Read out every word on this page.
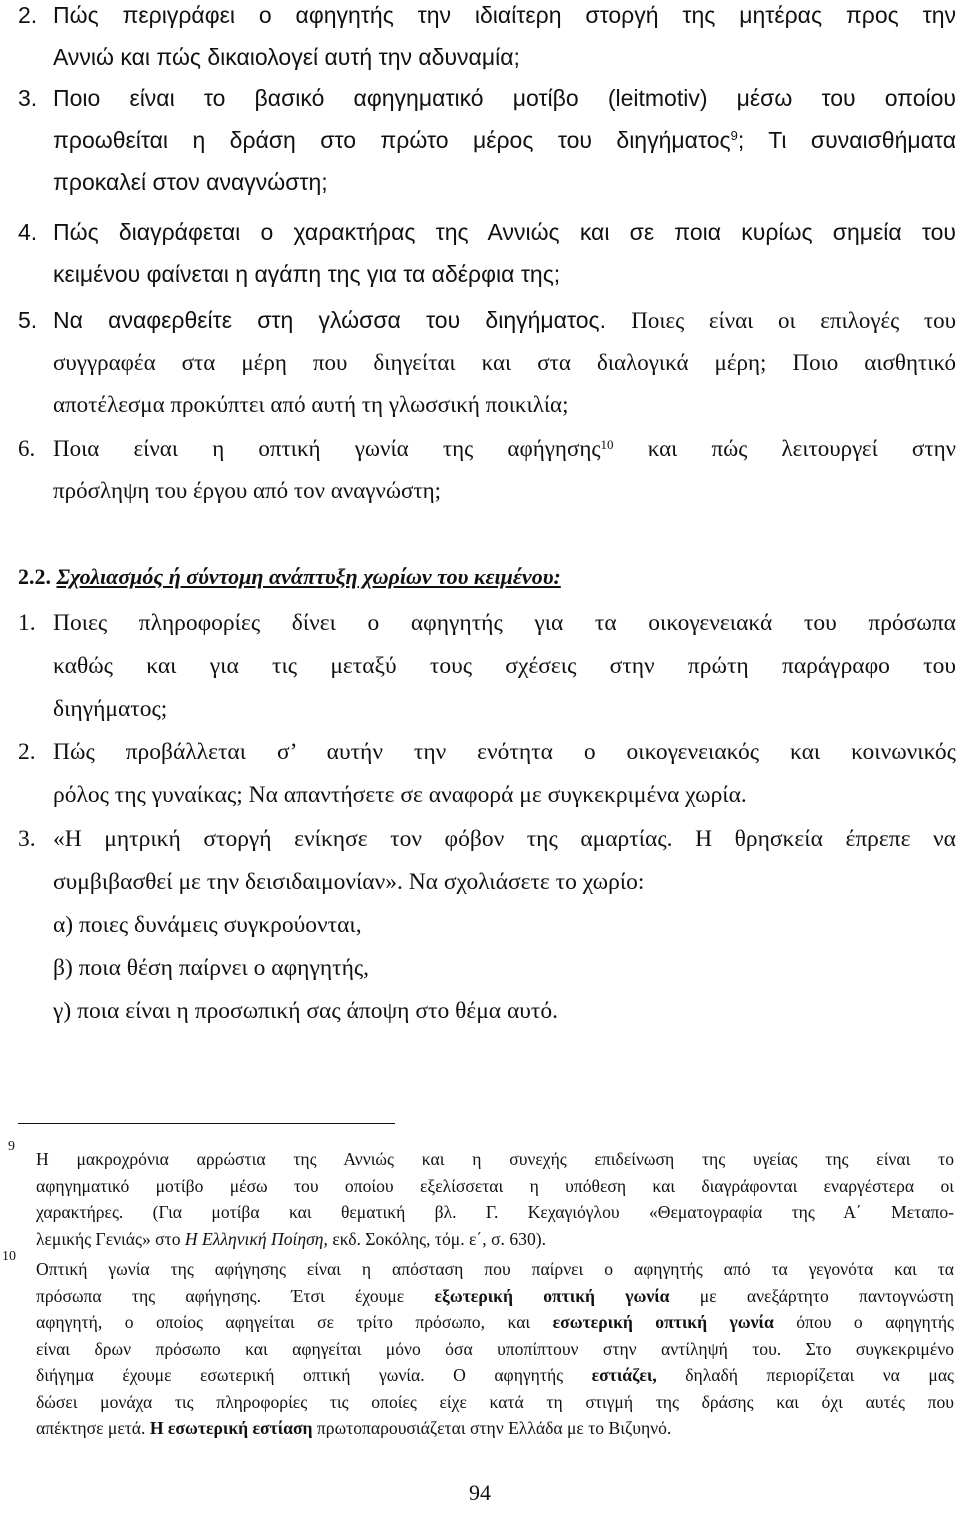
2. Πώς περιγράφει ο αφηγητής την ιδιαίτερη στοργή της μητέρας προς την
Αννιώ και πώς δικαιολογεί αυτή την αδυναμία;
3. Ποιο είναι το βασικό αφηγηματικό μοτίβο (leitmotiv) μέσω του οποίου
προωθείται η δράση στο πρώτο μέρος του διηγήματος$^9$; Τι συναισθήματα
προκαλεί στον αναγνώστη;
4. Πώς διαγράφεται ο χαρακτήρας της Αννιώς και σε ποια κυρίως σημεία του
κειμένου φαίνεται η αγάπη της για τα αδέρφια της;
5. Να αναφερθείτε στη γλώσσα του διηγήματος. Ποιες είναι οι επιλογές του
συγγραφέα στα μέρη που διηγείται και στα διαλογικά μέρη; Ποιο αισθητικό
αποτέλεσμα προκύπτει από αυτή τη γλωσσική ποικιλία;
6. Ποια είναι η οπτική γωνία της αφήγησης$^{10}$ και πώς λειτουργεί στην
πρόσληψη του έργου από τον αναγνώστη;
2.2. Σχολιασμός ή σύντομη ανάπτυξη χωρίων του κειμένου:
1. Ποιες πληροφορίες δίνει ο αφηγητής για τα οικογενειακά του πρόσωπα
καθώς και για τις μεταξύ τους σχέσεις στην πρώτη παράγραφο του
διηγήματος;
2. Πώς προβάλλεται σ’ αυτήν την ενότητα ο οικογενειακός και κοινωνικός
ρόλος της γυναίκας; Να απαντήσετε σε αναφορά με συγκεκριμένα χωρία.
3. «Η μητρική στοργή ενίκησε τον φόβον της αμαρτίας. Η θρησκεία έπρεπε να
συμβιβασθεί με την δεισιδαιμονίαν». Να σχολιάσετε το χωρίο:
α) ποιες δυνάμεις συγκρούονται,
β) ποια θέση παίρνει ο αφηγητής,
γ) ποια είναι η προσωπική σας άποψη στο θέμα αυτό.
9
Η μακροχρόνια αρρώστια της Αννιώς και η συνεχής επιδείνωση της υγείας της είναι το
αφηγηματικό μοτίβο μέσω του οποίου εξελίσσεται η υπόθεση και διαγράφονται εναργέστερα οι
χαρακτήρες. (Για μοτίβα και θεματική βλ. Γ. Κεχαγιόγλου «Θεματογραφία της Α΄ Μεταπο-
λεμικής Γενιάς» στο Η Ελληνική Ποίηση, εκδ. Σοκόλης, τόμ. ε΄, σ. 630).
10
Οπτική γωνία της αφήγησης είναι η απόσταση που παίρνει ο αφηγητής από τα γεγονότα και τα
πρόσωπα της αφήγησης. Έτσι έχουμε εξωτερική οπτική γωνία με ανεξάρτητο παντογνώστη
αφηγητή, ο οποίος αφηγείται σε τρίτο πρόσωπο, και εσωτερική οπτική γωνία όπου ο αφηγητής
είναι δρων πρόσωπο και αφηγείται μόνο όσα υποπίπτουν στην αντίληψή του. Στο συγκεκριμένο
διήγημα έχουμε εσωτερική οπτική γωνία. Ο αφηγητής εστιάζει, δηλαδή περιορίζεται να μας
δώσει μονάχα τις πληροφορίες τις οποίες είχε κατά τη στιγμή της δράσης και όχι αυτές που
απέκτησε μετά. Η εσωτερική εστίαση πρωτοπαρουσιάζεται στην Ελλάδα με το Βιζυηνό.
94
